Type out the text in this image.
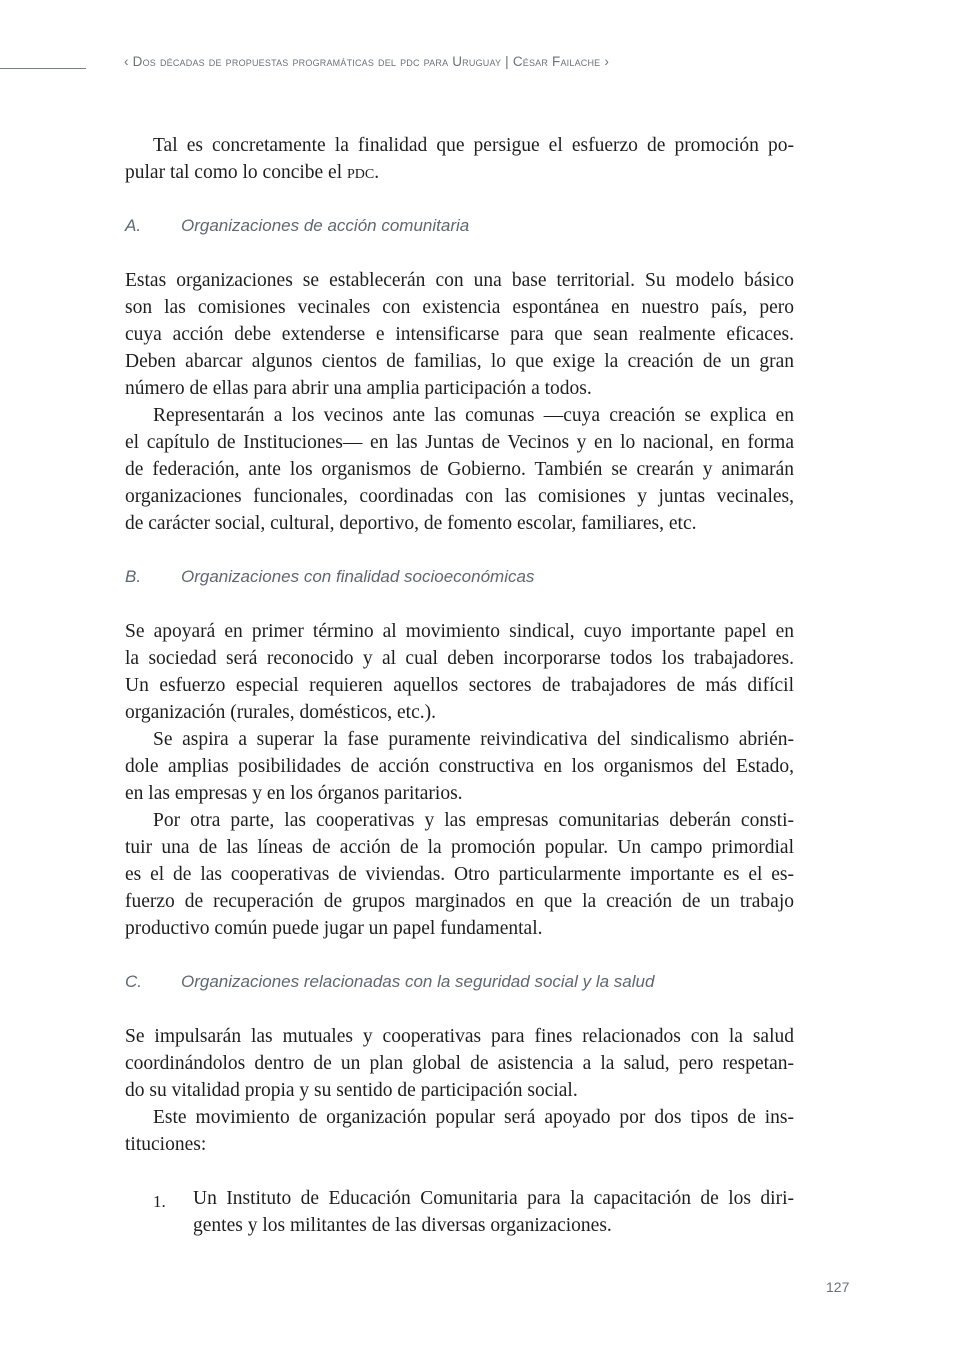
‹ Dos décadas de propuestas programáticas del pdc para Uruguay | César Failache ›
Tal es concretamente la finalidad que persigue el esfuerzo de promoción po-
pular tal como lo concibe el pdc.
A. Organizaciones de acción comunitaria
Estas organizaciones se establecerán con una base territorial. Su modelo básico
son las comisiones vecinales con existencia espontánea en nuestro país, pero
cuya acción debe extenderse e intensificarse para que sean realmente eficaces.
Deben abarcar algunos cientos de familias, lo que exige la creación de un gran
número de ellas para abrir una amplia participación a todos.
Representarán a los vecinos ante las comunas —cuya creación se explica en
el capítulo de Instituciones— en las Juntas de Vecinos y en lo nacional, en forma
de federación, ante los organismos de Gobierno. También se crearán y animarán
organizaciones funcionales, coordinadas con las comisiones y juntas vecinales,
de carácter social, cultural, deportivo, de fomento escolar, familiares, etc.
B. Organizaciones con finalidad socioeconómicas
Se apoyará en primer término al movimiento sindical, cuyo importante papel en
la sociedad será reconocido y al cual deben incorporarse todos los trabajadores.
Un esfuerzo especial requieren aquellos sectores de trabajadores de más difícil
organización (rurales, domésticos, etc.).
Se aspira a superar la fase puramente reivindicativa del sindicalismo abrién-
dole amplias posibilidades de acción constructiva en los organismos del Estado,
en las empresas y en los órganos paritarios.
Por otra parte, las cooperativas y las empresas comunitarias deberán consti-
tuir una de las líneas de acción de la promoción popular. Un campo primordial
es el de las cooperativas de viviendas. Otro particularmente importante es el es-
fuerzo de recuperación de grupos marginados en que la creación de un trabajo
productivo común puede jugar un papel fundamental.
C. Organizaciones relacionadas con la seguridad social y la salud
Se impulsarán las mutuales y cooperativas para fines relacionados con la salud
coordinándolos dentro de un plan global de asistencia a la salud, pero respetan-
do su vitalidad propia y su sentido de participación social.
Este movimiento de organización popular será apoyado por dos tipos de ins-
tituciones:
1. Un Instituto de Educación Comunitaria para la capacitación de los diri-
gentes y los militantes de las diversas organizaciones.
127
